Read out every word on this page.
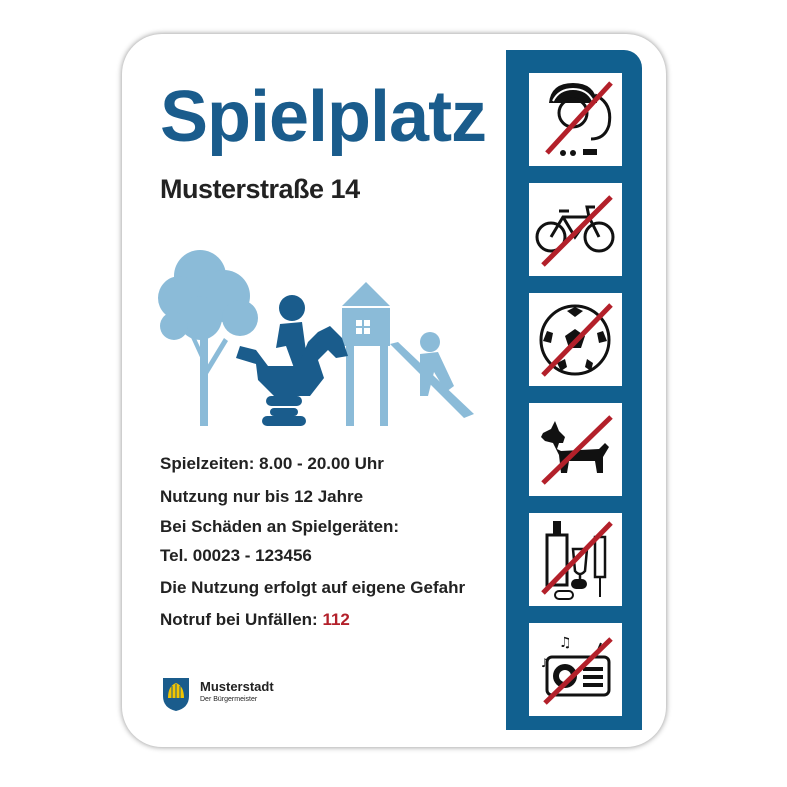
Spielplatz
Musterstraße 14
Spielzeiten: 8.00 - 20.00 Uhr
Nutzung nur bis 12 Jahre
Bei Schäden an Spielgeräten:
Tel. 00023 - 123456
Die Nutzung erfolgt auf eigene Gefahr
Notruf bei Unfällen: 112
Musterstadt
Der Bürgermeister
♪
♫
